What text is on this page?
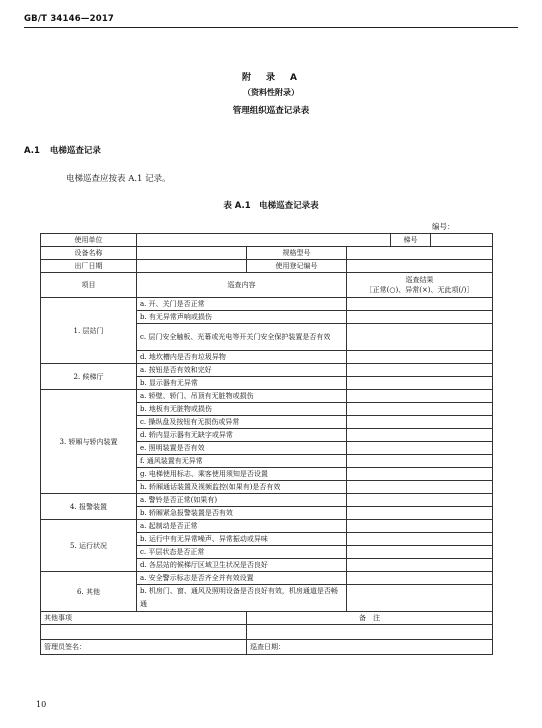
GB/T 34146—2017
附　录　A
（资料性附录）
管理组织巡查记录表
A.1 电梯巡查记录
电梯巡查应按表 A.1 记录。
表 A.1　电梯巡查记录表
编号：
使用单位				梯号	
设备名称		规格型号			
出厂日期		使用登记编号			
项目	巡查内容		巡查结果
［正常(○)、异常(×)、无此项(/)］		

1. 层站门	a. 开、关门是否正常				
	b. 有无异常声响或损伤				
	c. 层门安全触板、光幕或光电等开关门安全保护装置是否有效				
	d. 地坎槽内是否有垃圾异物				
2. 候梯厅	a. 按钮是否有效和完好				
	b. 显示器有无异常				
3. 轿厢与轿内装置	a. 轿壁、轿门、吊顶有无脏物或损伤				
	b. 地板有无脏物或损伤				
	c. 操纵盘及按钮有无损伤或异常				
	d. 轿内显示器有无缺字或异常				
	e. 照明装置是否有效				
	f. 通风装置有无异常				
	g. 电梯使用标志、乘客使用须知是否设置				
	h. 轿厢通话装置及视频监控(如果有)是否有效				
4. 报警装置	a. 警铃是否正常(如果有)				
	b. 轿厢紧急报警装置是否有效				
5. 运行状况	a. 起制动是否正常				
	b. 运行中有无异常噪声、异常振动或异味				
	c. 平层状态是否正常				
	d. 各层站的候梯厅区域卫生状况是否良好				
6. 其他	a. 安全警示标志是否齐全并有效设置				
	b. 机房门、窗、通风及照明设备是否良好有效，机房通道是否畅通				
其他事项		备　注			

管理员签名：		巡查日期：			
10
